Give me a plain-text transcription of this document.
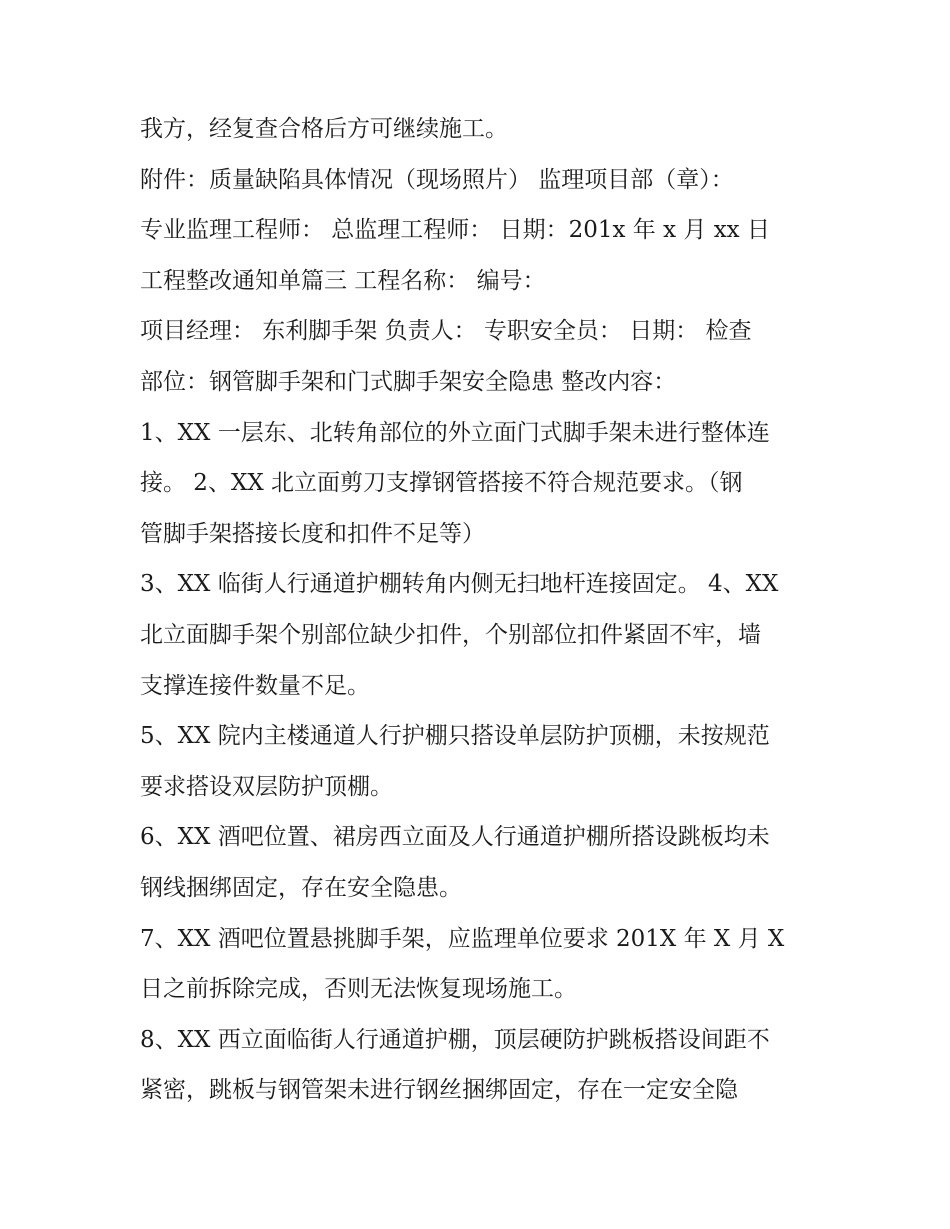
我方，经复查合格后方可继续施工。
附件：质量缺陷具体情况（现场照片） 监理项目部（章）：
专业监理工程师： 总监理工程师： 日期：201x 年 x 月 xx 日
工程整改通知单篇三 工程名称： 编号：
项目经理： 东利脚手架 负责人： 专职安全员： 日期： 检查
部位：钢管脚手架和门式脚手架安全隐患 整改内容：
1、XX 一层东、北转角部位的外立面门式脚手架未进行整体连
接。 2、XX 北立面剪刀支撑钢管搭接不符合规范要求。（钢
管脚手架搭接长度和扣件不足等）
3、XX 临街人行通道护棚转角内侧无扫地杆连接固定。 4、XX
北立面脚手架个别部位缺少扣件，个别部位扣件紧固不牢，墙
支撑连接件数量不足。
5、XX 院内主楼通道人行护棚只搭设单层防护顶棚，未按规范
要求搭设双层防护顶棚。
6、XX 酒吧位置、裙房西立面及人行通道护棚所搭设跳板均未
钢线捆绑固定，存在安全隐患。
7、XX 酒吧位置悬挑脚手架，应监理单位要求 201X 年 X 月 X
日之前拆除完成，否则无法恢复现场施工。
8、XX 西立面临街人行通道护棚，顶层硬防护跳板搭设间距不
紧密，跳板与钢管架未进行钢丝捆绑固定，存在一定安全隐
